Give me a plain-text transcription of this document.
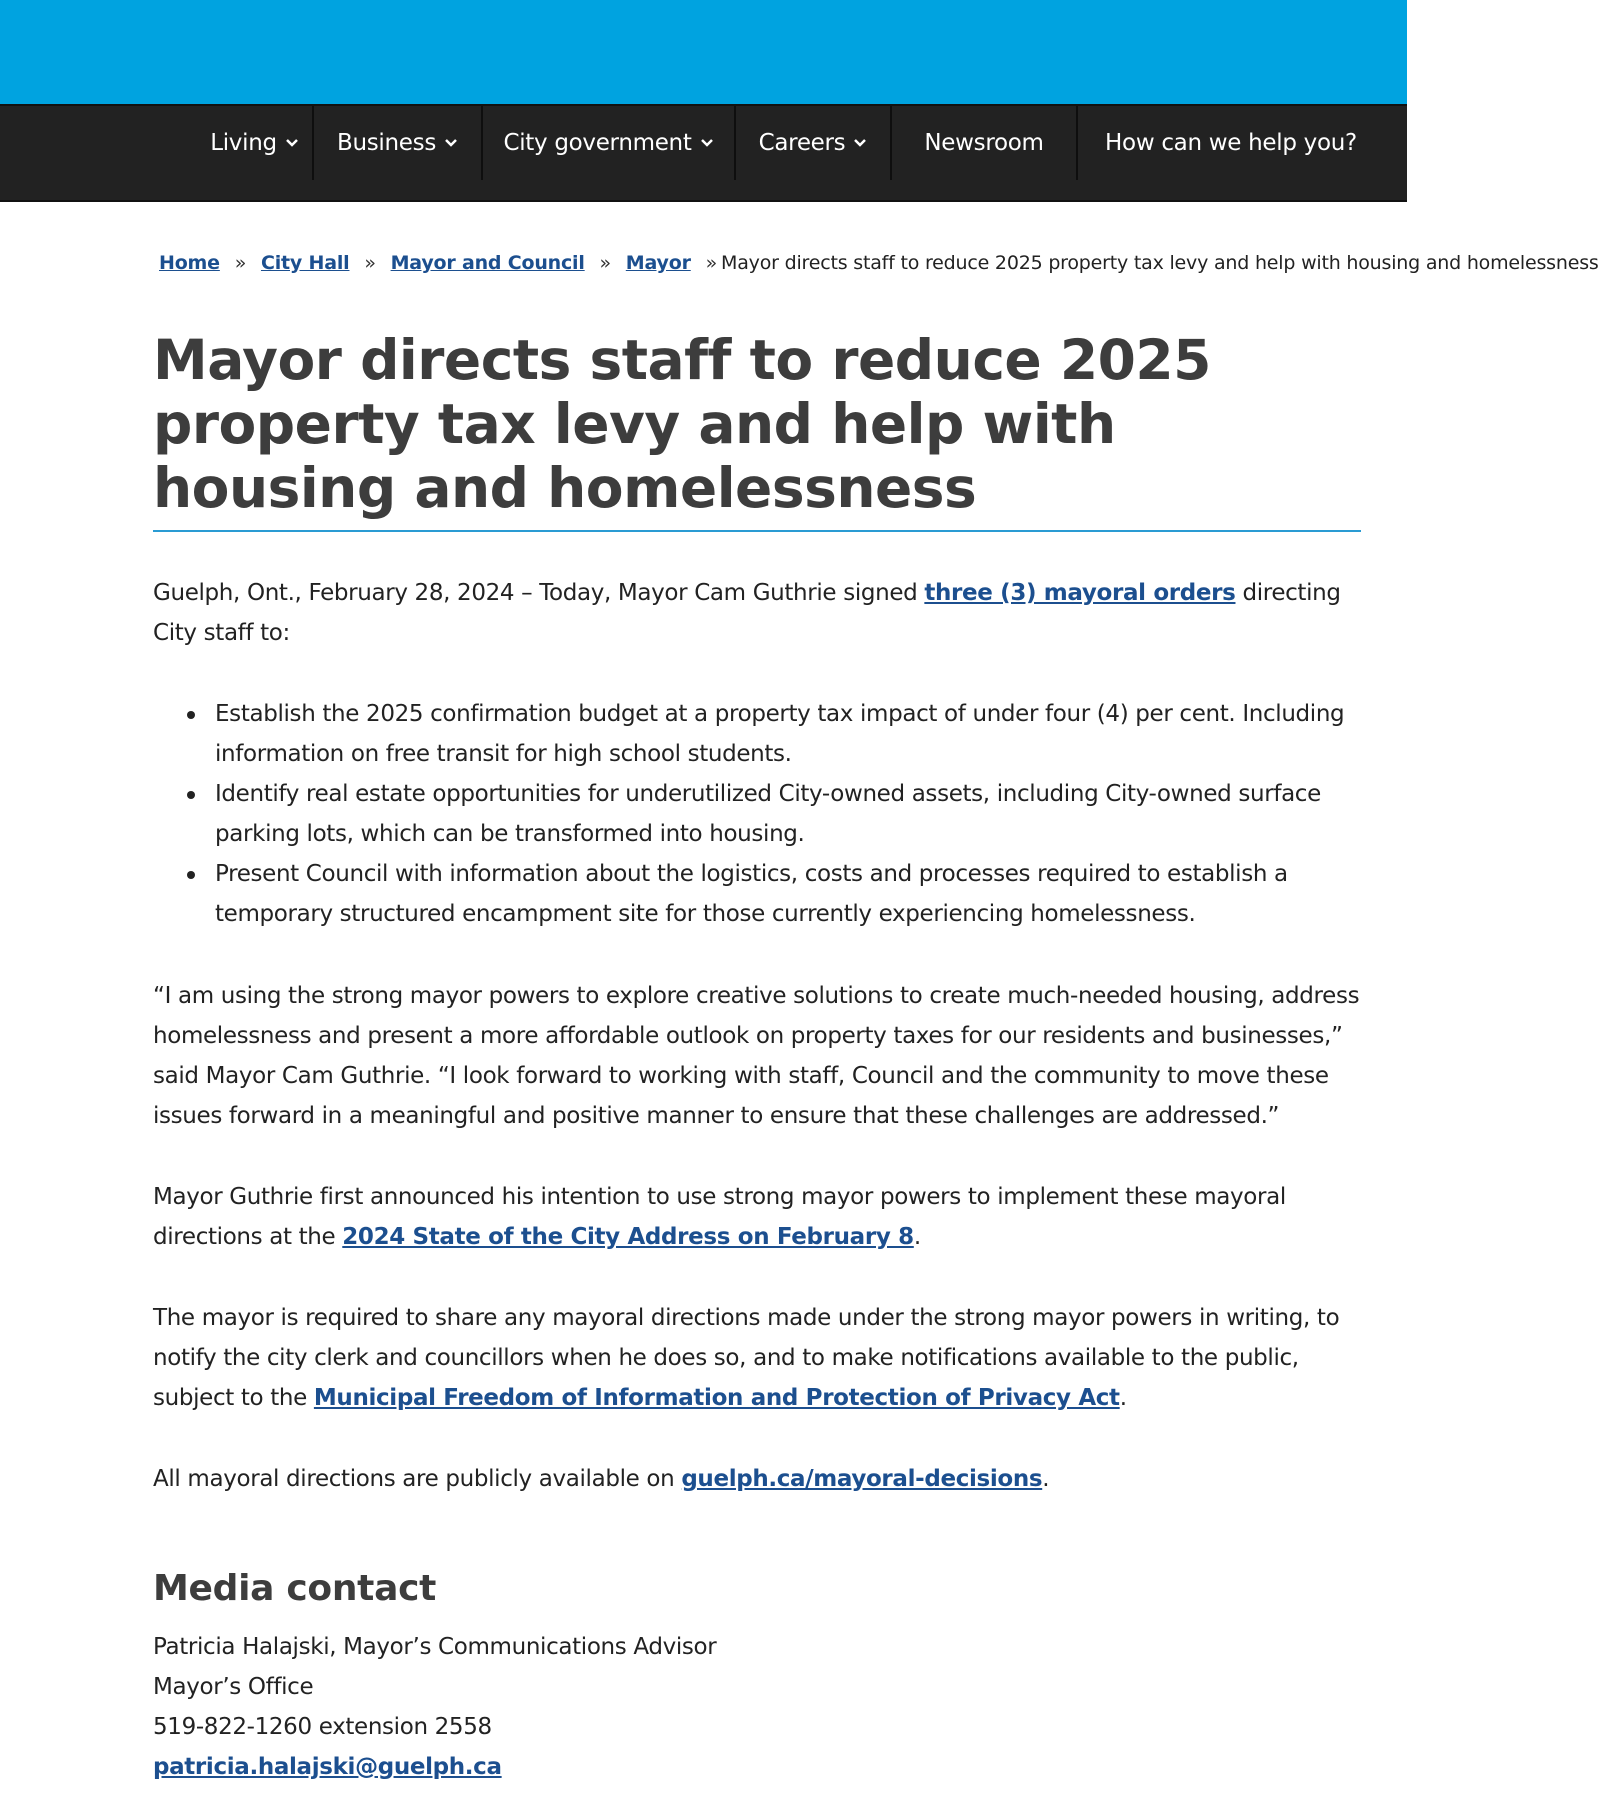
Living	Business	City government	Careers	Newsroom	How can we help you?
Home » City Hall » Mayor and Council » Mayor » Mayor directs staff to reduce 2025 property tax levy and help with housing and homelessness
Mayor directs staff to reduce 2025 property tax levy and help with housing and homelessness

Guelph, Ont., February 28, 2024 – Today, Mayor Cam Guthrie signed three (3) mayoral orders directing City staff to:

Establish the 2025 confirmation budget at a property tax impact of under four (4) per cent. Including information on free transit for high school students.
Identify real estate opportunities for underutilized City-owned assets, including City-owned surface parking lots, which can be transformed into housing.
Present Council with information about the logistics, costs and processes required to establish a temporary structured encampment site for those currently experiencing homelessness.

“I am using the strong mayor powers to explore creative solutions to create much-needed housing, address homelessness and present a more affordable outlook on property taxes for our residents and businesses,” said Mayor Cam Guthrie. “I look forward to working with staff, Council and the community to move these issues forward in a meaningful and positive manner to ensure that these challenges are addressed.”

Mayor Guthrie first announced his intention to use strong mayor powers to implement these mayoral directions at the 2024 State of the City Address on February 8.

The mayor is required to share any mayoral directions made under the strong mayor powers in writing, to notify the city clerk and councillors when he does so, and to make notifications available to the public, subject to the Municipal Freedom of Information and Protection of Privacy Act.

All mayoral directions are publicly available on guelph.ca/mayoral-decisions.

Media contact
Patricia Halajski, Mayor’s Communications Advisor
Mayor’s Office
519-822-1260 extension 2558
patricia.halajski@guelph.ca
